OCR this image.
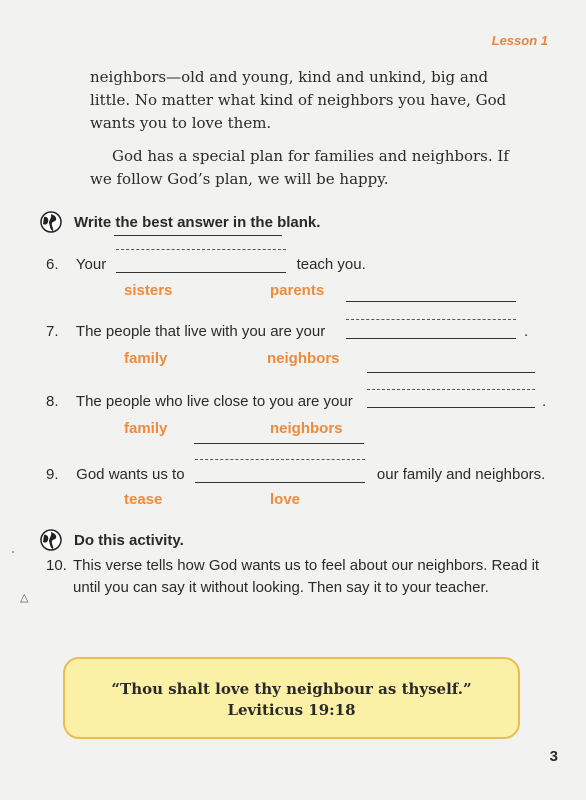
Lesson 1

neighbors—old and young, kind and unkind, big and little. No matter what kind of neighbors you have, God wants you to love them.

God has a special plan for families and neighbors. If we follow God’s plan, we will be happy.

Write the best answer in the blank.
6. Your	teach you.
sisters	parents
7. The people that live with you are your	.
family	neighbors
8. The people who live close to you are your	.
family	neighbors
9. God wants us to	our family and neighbors.
tease	love
Do this activity.
10. This verse tells how God wants us to feel about our neighbors. Read it until you can say it without looking. Then say it to your teacher.
△
“Thou shalt love thy neighbour as thyself.”
Leviticus 19:18
3
